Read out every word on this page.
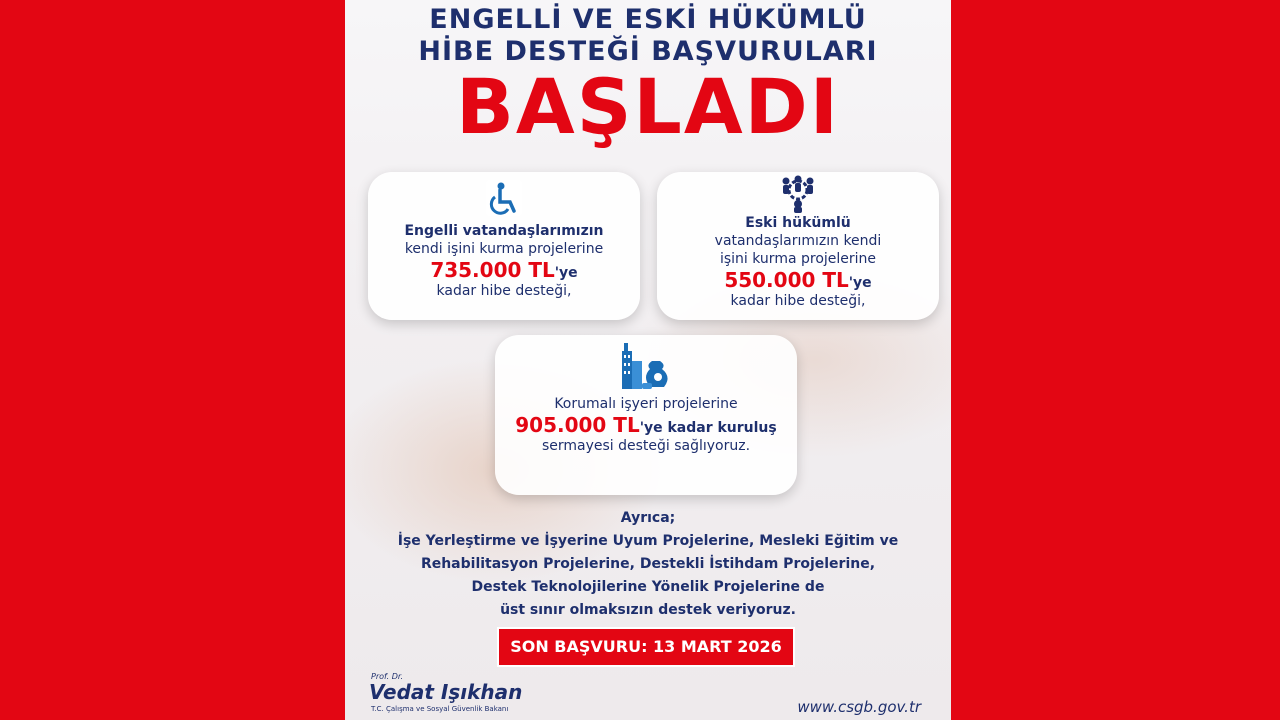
ENGELLİ VE ESKİ HÜKÜMLÜ
HİBE DESTEĞİ BAŞVURULARI
BAŞLADI
Engelli vatandaşlarımızın
kendi işini kurma projelerine
735.000 TL'ye
kadar hibe desteği,
Eski hükümlü
vatandaşlarımızın kendi
işini kurma projelerine
550.000 TL'ye
kadar hibe desteği,
Korumalı işyeri projelerine
905.000 TL'ye kadar kuruluş
sermayesi desteği sağlıyoruz.
Ayrıca;
İşe Yerleştirme ve İşyerine Uyum Projelerine, Mesleki Eğitim ve
Rehabilitasyon Projelerine, Destekli İstihdam Projelerine,
Destek Teknolojilerine Yönelik Projelerine de
üst sınır olmaksızın destek veriyoruz.
SON BAŞVURU: 13 MART 2026
Prof. Dr.
Vedat Işıkhan
T.C. Çalışma ve Sosyal Güvenlik Bakanı	www.csgb.gov.tr
